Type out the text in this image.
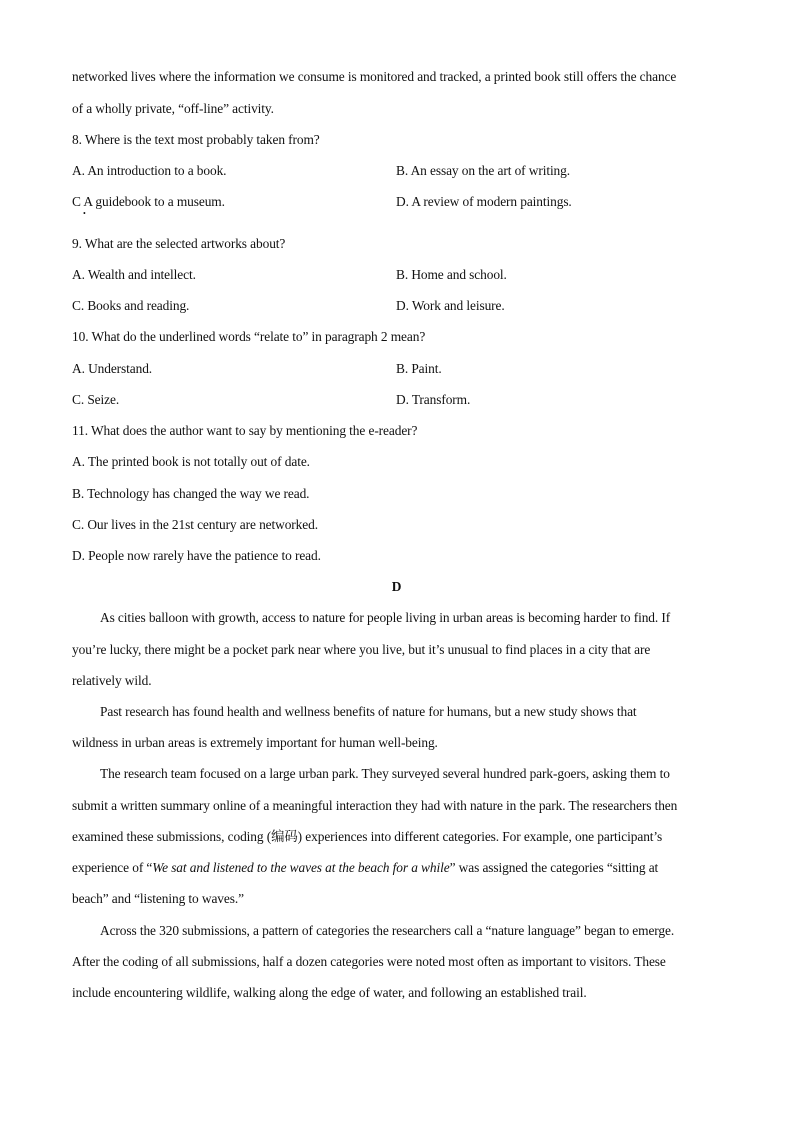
networked lives where the information we consume is monitored and tracked, a printed book still offers the chance
of a wholly private, “off-line” activity.
8. Where is the text most probably taken from?
A. An introduction to a book.	B. An essay on the art of writing.
C A guidebook to a museum.	D. A review of modern paintings.
•
9. What are the selected artworks about?
A. Wealth and intellect.	B. Home and school.
C. Books and reading.	D. Work and leisure.
10. What do the underlined words “relate to” in paragraph 2 mean?
A. Understand.	B. Paint.
C. Seize.	D. Transform.
11. What does the author want to say by mentioning the e-reader?
A. The printed book is not totally out of date.
B. Technology has changed the way we read.
C. Our lives in the 21st century are networked.
D. People now rarely have the patience to read.
D
As cities balloon with growth, access to nature for people living in urban areas is becoming harder to find. If
you’re lucky, there might be a pocket park near where you live, but it’s unusual to find places in a city that are
relatively wild.
Past research has found health and wellness benefits of nature for humans, but a new study shows that
wildness in urban areas is extremely important for human well-being.
The research team focused on a large urban park. They surveyed several hundred park-goers, asking them to
submit a written summary online of a meaningful interaction they had with nature in the park. The researchers then
examined these submissions, coding (编码) experiences into different categories. For example, one participant’s
experience of “We sat and listened to the waves at the beach for a while” was assigned the categories “sitting at
beach” and “listening to waves.”
Across the 320 submissions, a pattern of categories the researchers call a “nature language” began to emerge.
After the coding of all submissions, half a dozen categories were noted most often as important to visitors. These
include encountering wildlife, walking along the edge of water, and following an established trail.
